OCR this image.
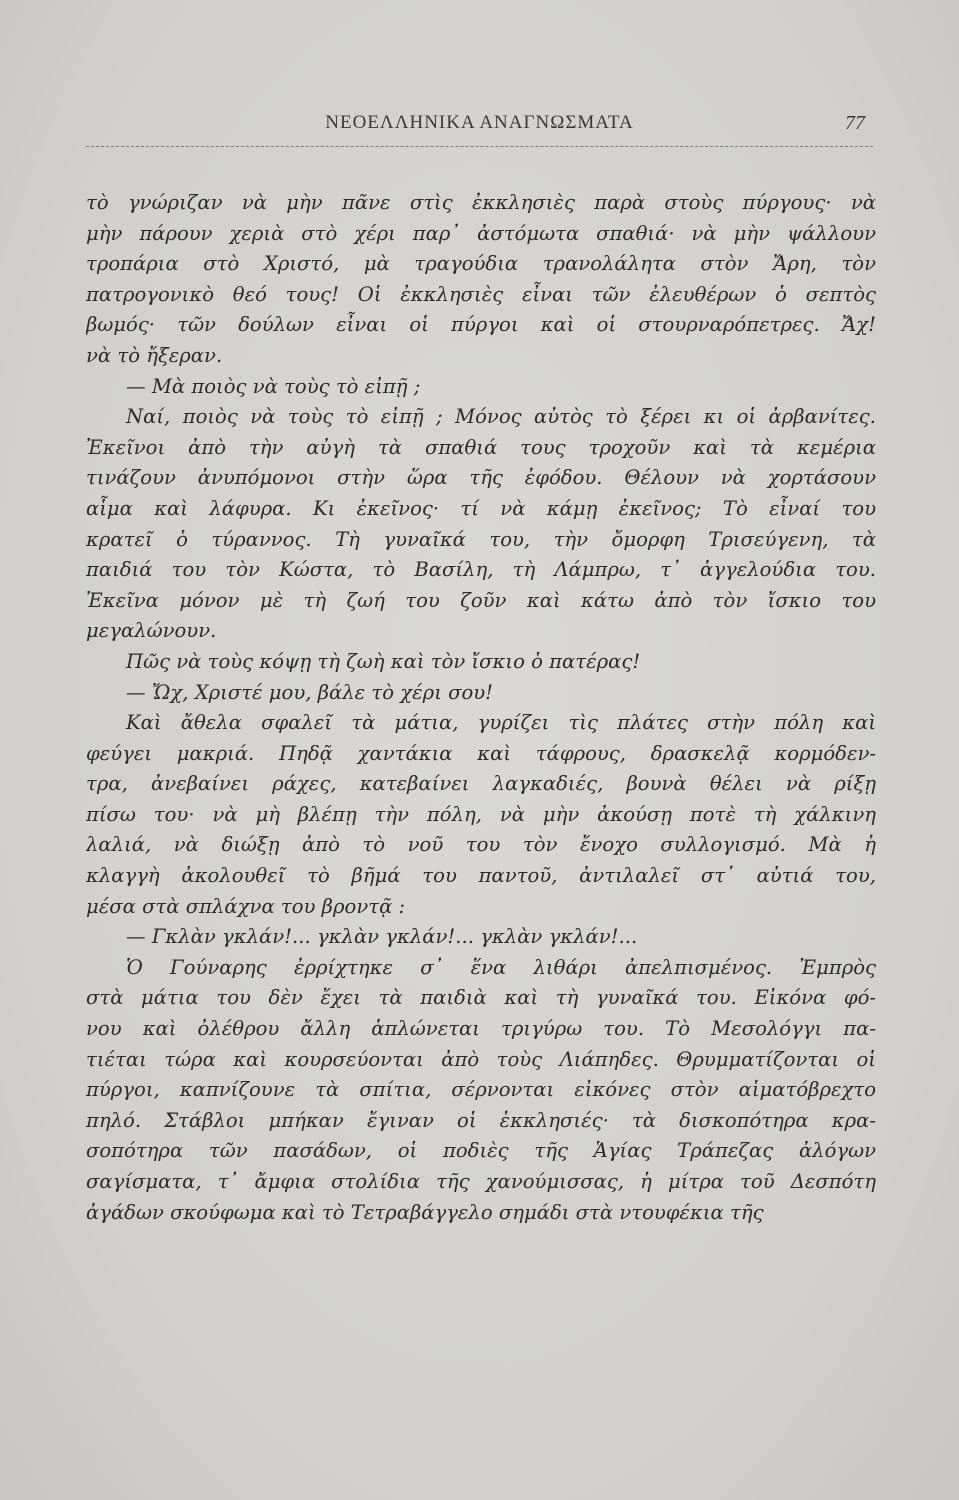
ΝΕΟΕΛΛΗΝΙΚΑ ΑΝΑΓΝΩΣΜΑΤΑ	77
τὸ γνώριζαν νὰ μὴν πᾶνε στὶς ἐκκλησιὲς παρὰ στοὺς πύργους· νὰ
μὴν πάρουν χεριὰ στὸ χέρι παρ᾿ ἀστόμωτα σπαθιά· νὰ μὴν ψάλλουν
τροπάρια στὸ Χριστό, μὰ τραγούδια τρανολάλητα στὸν Ἄρη, τὸν
πατρογονικὸ θεό τους! Οἱ ἐκκλησιὲς εἶναι τῶν ἐλευθέρων ὁ σεπτὸς
βωμός· τῶν δούλων εἶναι οἱ πύργοι καὶ οἱ στουρναρόπετρες. Ἄχ!
νὰ τὸ ἤξεραν.
— Μὰ ποιὸς νὰ τοὺς τὸ εἰπῇ ;
Ναί, ποιὸς νὰ τοὺς τὸ εἰπῇ ; Μόνος αὐτὸς τὸ ξέρει κι οἱ ἀρβανίτες.
Ἐκεῖνοι ἀπὸ τὴν αὐγὴ τὰ σπαθιά τους τροχοῦν καὶ τὰ κεμέρια
τινάζουν ἀνυπόμονοι στὴν ὥρα τῆς ἐφόδου. Θέλουν νὰ χορτάσουν
αἷμα καὶ λάφυρα. Κι ἐκεῖνος· τί νὰ κάμῃ ἐκεῖνος; Τὸ εἶναί του
κρατεῖ ὁ τύραννος. Τὴ γυναῖκά του, τὴν ὄμορφη Τρισεύγενη, τὰ
παιδιά του τὸν Κώστα, τὸ Βασίλη, τὴ Λάμπρω, τ᾿ ἀγγελούδια του.
Ἐκεῖνα μόνον μὲ τὴ ζωή του ζοῦν καὶ κάτω ἀπὸ τὸν ἴσκιο του
μεγαλώνουν.
Πῶς νὰ τοὺς κόψῃ τὴ ζωὴ καὶ τὸν ἴσκιο ὁ πατέρας!
— Ὤχ, Χριστέ μου, βάλε τὸ χέρι σου!
Καὶ ἄθελα σφαλεῖ τὰ μάτια, γυρίζει τὶς πλάτες στὴν πόλη καὶ
φεύγει μακριά. Πηδᾷ χαντάκια καὶ τάφρους, δρασκελᾷ κορμόδεν-
τρα, ἀνεβαίνει ράχες, κατεβαίνει λαγκαδιές, βουνὰ θέλει νὰ ρίξῃ
πίσω του· νὰ μὴ βλέπῃ τὴν πόλη, νὰ μὴν ἀκούσῃ ποτὲ τὴ χάλκινη
λαλιά, νὰ διώξῃ ἀπὸ τὸ νοῦ του τὸν ἔνοχο συλλογισμό. Μὰ ἡ
κλαγγὴ ἀκολουθεῖ τὸ βῆμά του παντοῦ, ἀντιλαλεῖ στ᾿ αὐτιά του,
μέσα στὰ σπλάχνα του βροντᾷ :
— Γκλὰν γκλάν!... γκλὰν γκλάν!... γκλὰν γκλάν!...
Ὁ Γούναρης ἐρρίχτηκε σ᾿ ἕνα λιθάρι ἀπελπισμένος. Ἐμπρὸς
στὰ μάτια του δὲν ἔχει τὰ παιδιὰ καὶ τὴ γυναῖκά του. Εἰκόνα φό-
νου καὶ ὀλέθρου ἄλλη ἁπλώνεται τριγύρω του. Τὸ Μεσολόγγι πα-
τιέται τώρα καὶ κουρσεύονται ἀπὸ τοὺς Λιάπηδες. Θρυμματίζονται οἱ
πύργοι, καπνίζουνε τὰ σπίτια, σέρνονται εἰκόνες στὸν αἱματόβρεχτο
πηλό. Στάβλοι μπήκαν ἔγιναν οἱ ἐκκλησιές· τὰ δισκοπότηρα κρα-
σοπότηρα τῶν πασάδων, οἱ ποδιὲς τῆς Ἁγίας Τράπεζας ἀλόγων
σαγίσματα, τ᾿ ἄμφια στολίδια τῆς χανούμισσας, ἡ μίτρα τοῦ Δεσπότη
ἀγάδων σκούφωμα καὶ τὸ Τετραβάγγελο σημάδι στὰ ντουφέκια τῆς
